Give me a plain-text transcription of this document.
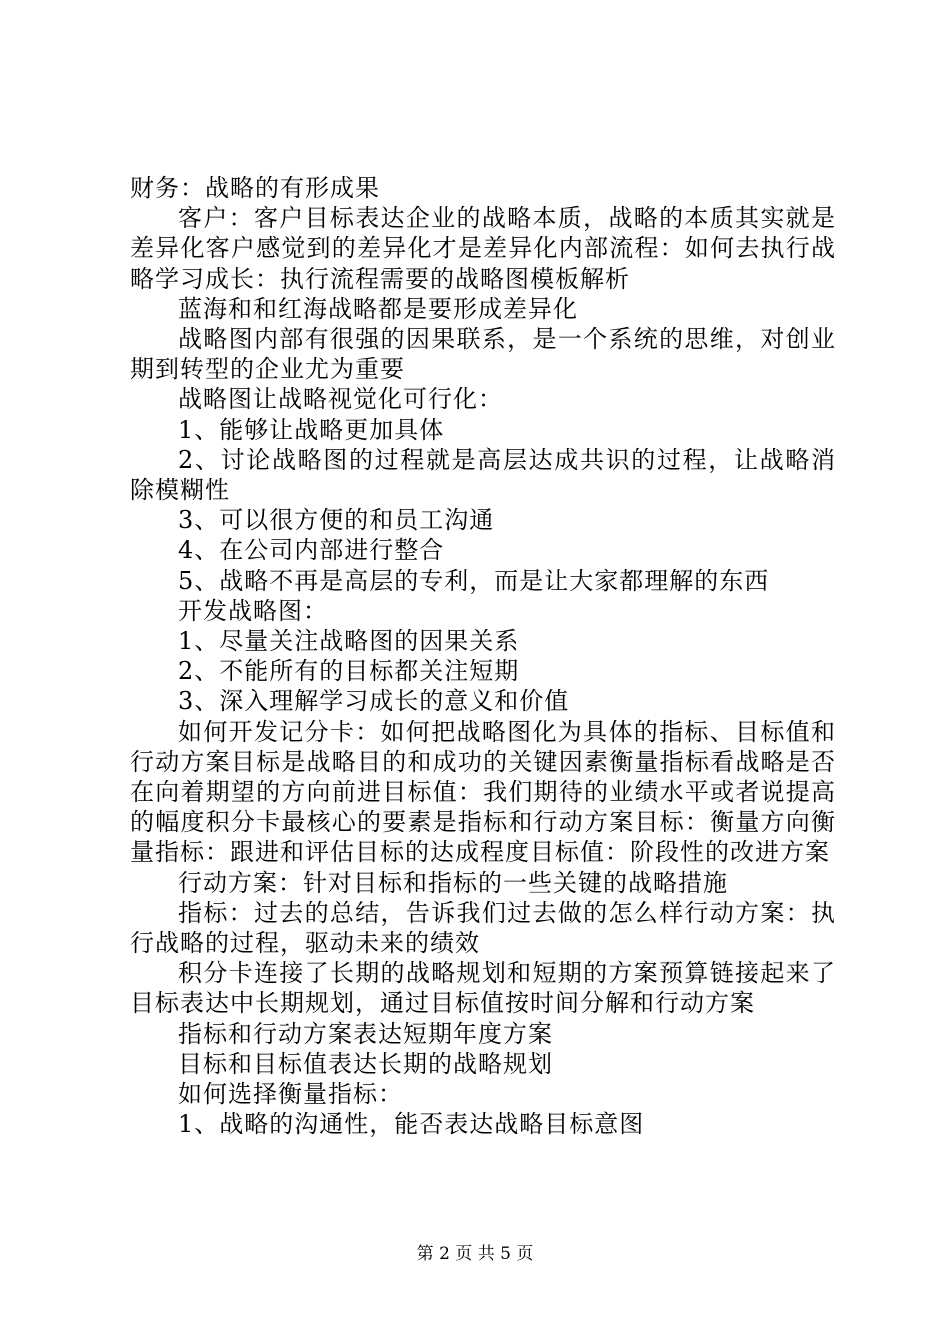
财务：战略的有形成果

客户：客户目标表达企业的战略本质，战略的本质其实就是差异化客户感觉到的差异化才是差异化内部流程：如何去执行战略学习成长：执行流程需要的战略图模板解析

蓝海和和红海战略都是要形成差异化

战略图内部有很强的因果联系，是一个系统的思维，对创业期到转型的企业尤为重要

战略图让战略视觉化可行化：

1、能够让战略更加具体

2、讨论战略图的过程就是高层达成共识的过程，让战略消除模糊性

3、可以很方便的和员工沟通

4、在公司内部进行整合

5、战略不再是高层的专利，而是让大家都理解的东西

开发战略图：

1、尽量关注战略图的因果关系

2、不能所有的目标都关注短期

3、深入理解学习成长的意义和价值

如何开发记分卡：如何把战略图化为具体的指标、目标值和行动方案目标是战略目的和成功的关键因素衡量指标看战略是否在向着期望的方向前进目标值：我们期待的业绩水平或者说提高的幅度积分卡最核心的要素是指标和行动方案目标：衡量方向衡量指标：跟进和评估目标的达成程度目标值：阶段性的改进方案

行动方案：针对目标和指标的一些关键的战略措施

指标：过去的总结，告诉我们过去做的怎么样行动方案：执行战略的过程，驱动未来的绩效

积分卡连接了长期的战略规划和短期的方案预算链接起来了目标表达中长期规划，通过目标值按时间分解和行动方案

指标和行动方案表达短期年度方案

目标和目标值表达长期的战略规划

如何选择衡量指标：

1、战略的沟通性，能否表达战略目标意图

第 2 页 共 5 页
